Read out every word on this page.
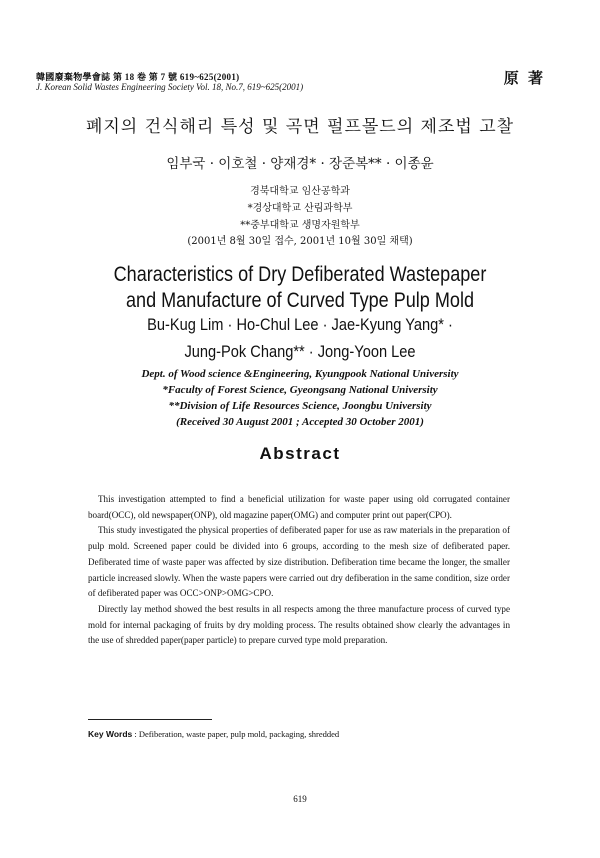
韓國廢棄物學會誌 第 18 卷 第 7 號 619~625(2001)
J. Korean Solid Wastes Engineering Society Vol. 18, No.7, 619~625(2001)	原 著
폐지의 건식해리 특성 및 곡면 펄프몰드의 제조법 고찰
임부국 · 이호철 · 양재경* · 장준복** · 이종윤
경북대학교 임산공학과
*경상대학교 산림과학부
**중부대학교 생명자원학부
(2001년 8월 30일 접수, 2001년 10월 30일 채택)
Characteristics of Dry Defiberated Wastepaper
and Manufacture of Curved Type Pulp Mold
Bu-Kug Lim · Ho-Chul Lee · Jae-Kyung Yang* ·
Jung-Pok Chang** · Jong-Yoon Lee
Dept. of Wood science &Engineering, Kyungpook National University
*Faculty of Forest Science, Gyeongsang National University
**Division of Life Resources Science, Joongbu University
(Received 30 August 2001 ; Accepted 30 October 2001)
Abstract

This investigation attempted to find a beneficial utilization for waste paper using old corrugated container board(OCC), old newspaper(ONP), old magazine paper(OMG) and computer print out paper(CPO).

This study investigated the physical properties of defiberated paper for use as raw materials in the preparation of pulp mold. Screened paper could be divided into 6 groups, according to the mesh size of defiberated paper. Defiberated time of waste paper was affected by size distribution. Defiberation time became the longer, the smaller particle increased slowly. When the waste papers were carried out dry defiberation in the same condition, size order of defiberated paper was OCC>ONP>OMG>CPO.

Directly lay method showed the best results in all respects among the three manufacture process of curved type mold for internal packaging of fruits by dry molding process. The results obtained show clearly the advantages in the use of shredded paper(paper particle) to prepare curved type mold preparation.

Key Words : Defiberation, waste paper, pulp mold, packaging, shredded
619
